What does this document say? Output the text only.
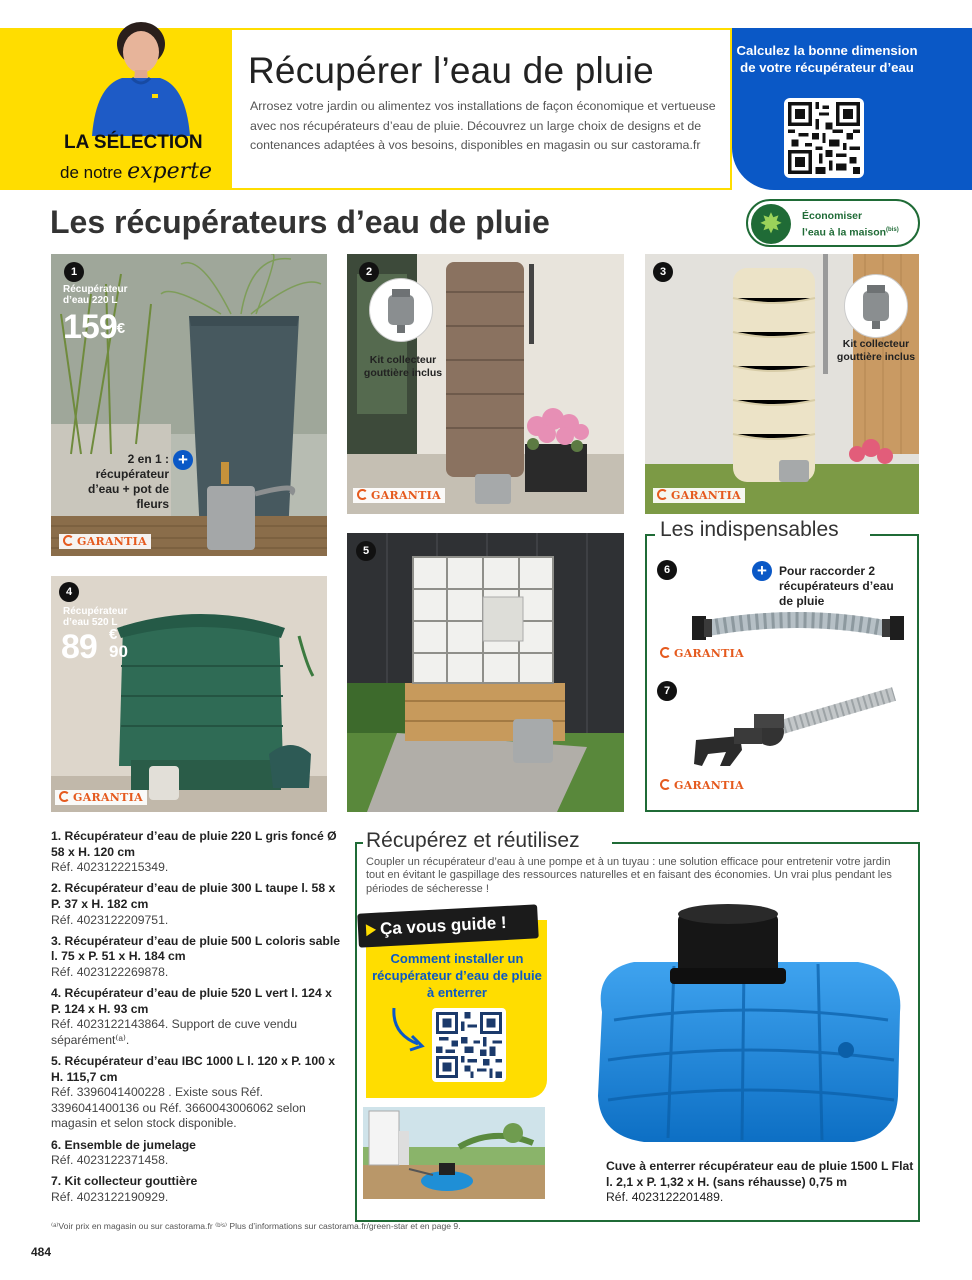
LA SÉLECTION
de notre experte
Récupérer l’eau de pluie

Arrosez votre jardin ou alimentez vos installations de façon économique et vertueuse avec nos récupérateurs d’eau de pluie. Découvrez un large choix de designs et de contenances adaptées à vos besoins, disponibles en magasin ou sur castorama.fr

Calculez la bonne dimension de votre récupérateur d’eau
Les récupérateurs d’eau de pluie	✸	Économiser
l’eau à la maison$^{(bis)}$
1
Récupérateur
d’eau 220 L
159€
+
2 en 1 : récupérateur d’eau + pot de fleurs
GARANTIA
2
Kit collecteur gouttière inclus
GARANTIA
3
Kit collecteur gouttière inclus
GARANTIA
4
Récupérateur
d’eau 520 L
89 €
90
GARANTIA
5
Les indispensables
6	+	Pour raccorder 2 récupérateurs d’eau de pluie
GARANTIA
7
GARANTIA
1. Récupérateur d’eau de pluie 220 L gris foncé Ø 58 x H. 120 cm
Réf. 4023122215349.
2. Récupérateur d’eau de pluie 300 L taupe l. 58 x P. 37 x H. 182 cm
Réf. 4023122209751.
3. Récupérateur d’eau de pluie 500 L coloris sable l. 75 x P. 51 x H. 184 cm
Réf. 4023122269878.
4. Récupérateur d’eau de pluie 520 L vert l. 124 x P. 124 x H. 93 cm
Réf. 4023122143864. Support de cuve vendu séparément⁽ᵃ⁾.
5. Récupérateur d’eau IBC 1000 L l. 120 x P. 100 x H. 115,7 cm
Réf. 3396041400228 . Existe sous Réf. 3396041400136 ou Réf. 3660043006062 selon magasin et selon stock disponible.
6. Ensemble de jumelage
Réf. 4023122371458.
7. Kit collecteur gouttière
Réf. 4023122190929.
⁽ᵃ⁾Voir prix en magasin ou sur castorama.fr ⁽ᵇⁱˢ⁾ Plus d’informations sur castorama.fr/green-star et en page 9.
484
Récupérez et réutilisez

Coupler un récupérateur d’eau à une pompe et à un tuyau : une solution efficace pour entretenir votre jardin tout en évitant le gaspillage des ressources naturelles et en faisant des économies. Un vrai plus pendant les périodes de sécheresse !

Ça vous guide !
Comment installer un récupérateur d’eau de pluie à enterrer
Cuve à enterrer récupérateur eau de pluie 1500 L Flat l. 2,1 x P. 1,32 x H. (sans réhausse) 0,75 m
Réf. 4023122201489.
